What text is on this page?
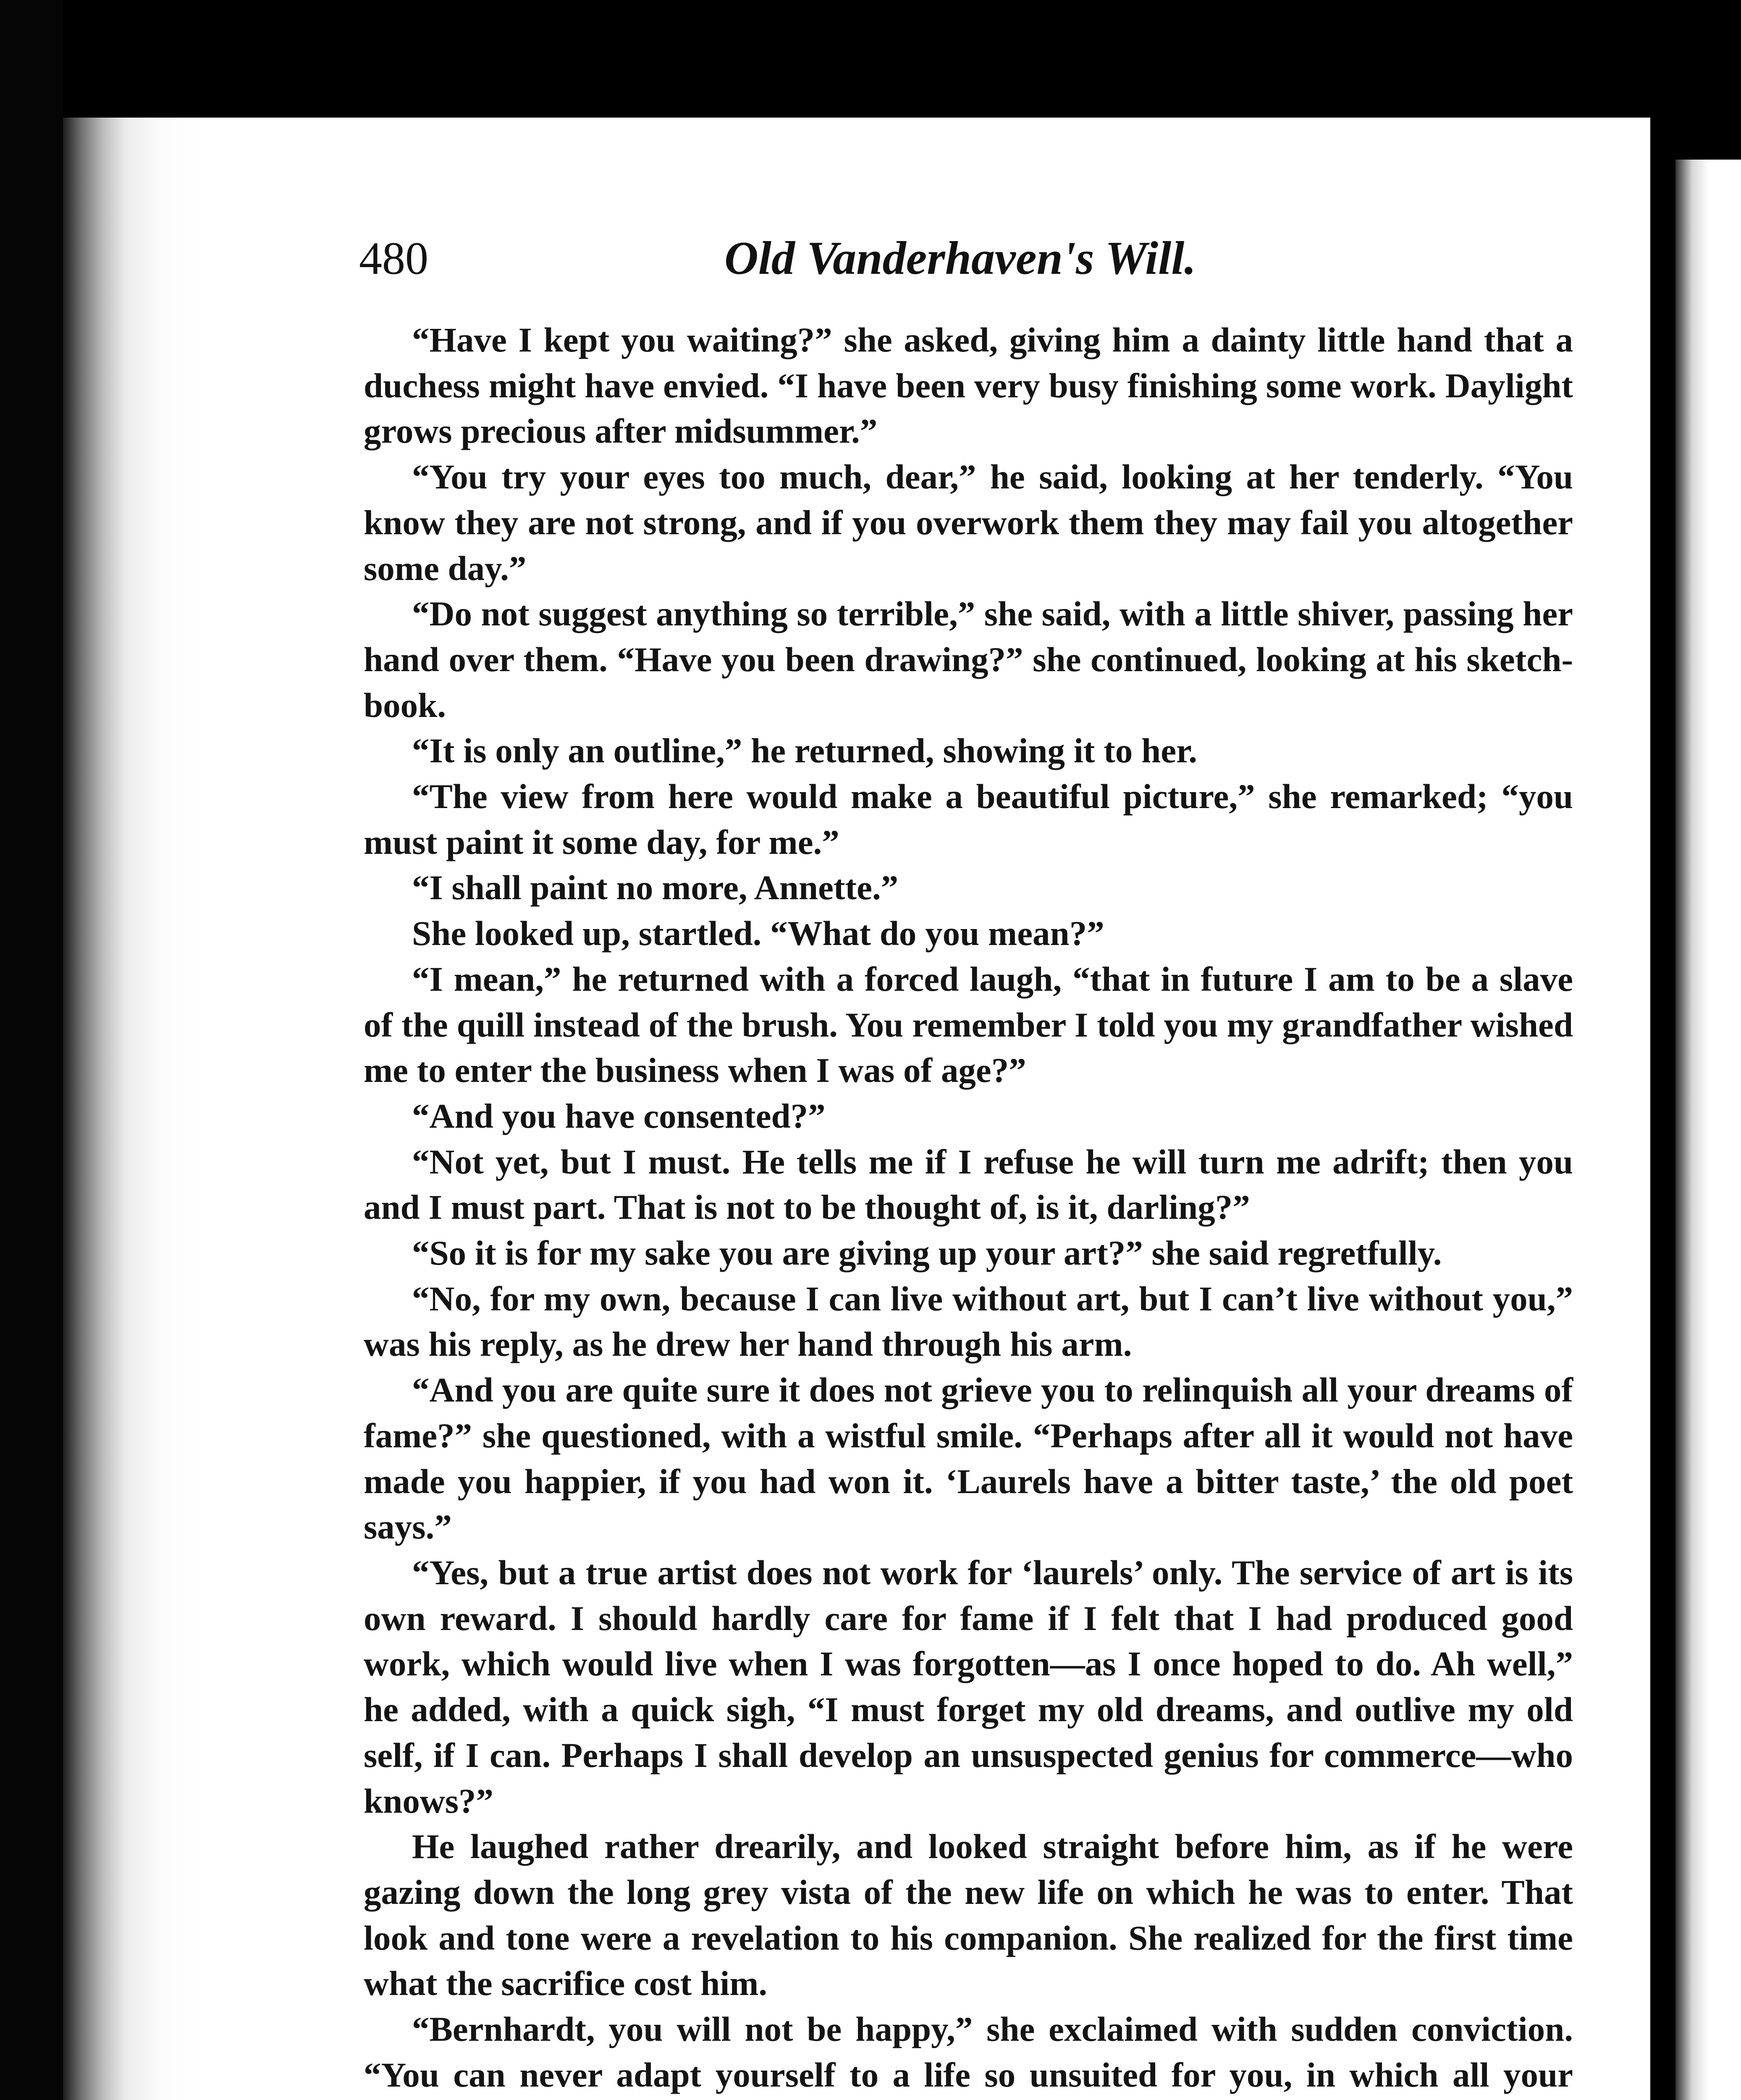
480	Old Vanderhaven's Will.

“Have I kept you waiting?” she asked, giving him a dainty little hand that a duchess might have envied. “I have been very busy finishing some work. Daylight grows precious after midsummer.”

“You try your eyes too much, dear,” he said, looking at her tenderly. “You know they are not strong, and if you overwork them they may fail you altogether some day.”

“Do not suggest anything so terrible,” she said, with a little shiver, passing her hand over them. “Have you been drawing?” she continued, looking at his sketch-book.

“It is only an outline,” he returned, showing it to her.

“The view from here would make a beautiful picture,” she remarked; “you must paint it some day, for me.”

“I shall paint no more, Annette.”

She looked up, startled. “What do you mean?”

“I mean,” he returned with a forced laugh, “that in future I am to be a slave of the quill instead of the brush. You remember I told you my grandfather wished me to enter the business when I was of age?”

“And you have consented?”

“Not yet, but I must. He tells me if I refuse he will turn me adrift; then you and I must part. That is not to be thought of, is it, darling?”

“So it is for my sake you are giving up your art?” she said regretfully.

“No, for my own, because I can live without art, but I can’t live without you,” was his reply, as he drew her hand through his arm.

“And you are quite sure it does not grieve you to relinquish all your dreams of fame?” she questioned, with a wistful smile. “Perhaps after all it would not have made you happier, if you had won it. ‘Laurels have a bitter taste,’ the old poet says.”

“Yes, but a true artist does not work for ‘laurels’ only. The service of art is its own reward. I should hardly care for fame if I felt that I had produced good work, which would live when I was forgotten—as I once hoped to do. Ah well,” he added, with a quick sigh, “I must forget my old dreams, and outlive my old self, if I can. Perhaps I shall develop an unsuspected genius for commerce—who knows?”

He laughed rather drearily, and looked straight before him, as if he were gazing down the long grey vista of the new life on which he was to enter. That look and tone were a revelation to his companion. She realized for the first time what the sacrifice cost him.

“Bernhardt, you will not be happy,” she exclaimed with sudden conviction. “You can never adapt yourself to a life so unsuited for you, in which all your
